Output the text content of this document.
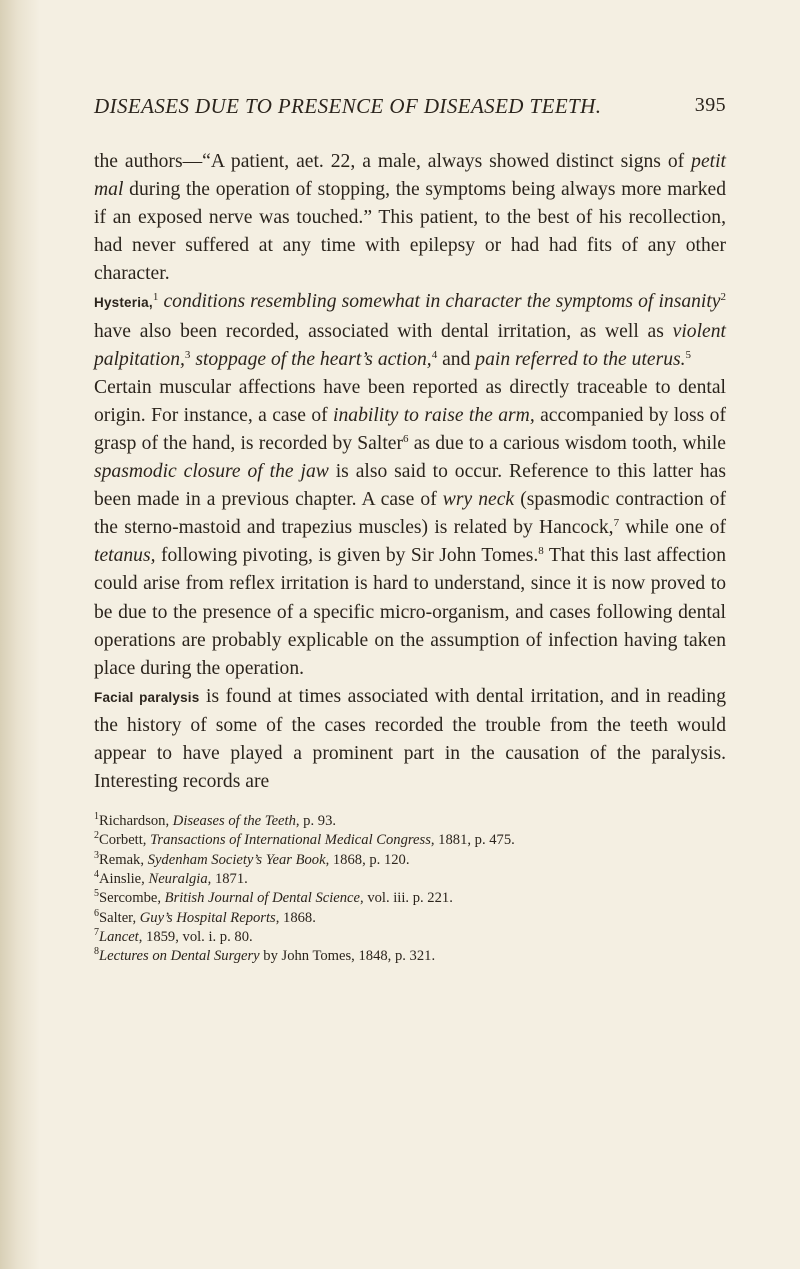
DISEASES DUE TO PRESENCE OF DISEASED TEETH.	395

the authors—“A patient, aet. 22, a male, always showed distinct signs of petit mal during the operation of stopping, the symptoms being always more marked if an exposed nerve was touched.” This patient, to the best of his recollection, had never suffered at any time with epilepsy or had had fits of any other character.

Hysteria,$^1$ conditions resembling somewhat in character the symptoms of insanity$^2$ have also been recorded, associated with dental irritation, as well as violent palpitation,$^3$ stoppage of the heart’s action,$^4$ and pain referred to the uterus.$^5$

Certain muscular affections have been reported as directly traceable to dental origin. For instance, a case of inability to raise the arm, accompanied by loss of grasp of the hand, is recorded by Salter$^6$ as due to a carious wisdom tooth, while spasmodic closure of the jaw is also said to occur. Reference to this latter has been made in a previous chapter. A case of wry neck (spasmodic contraction of the sterno-mastoid and trapezius muscles) is related by Hancock,$^7$ while one of tetanus, following pivoting, is given by Sir John Tomes.$^8$ That this last affection could arise from reflex irritation is hard to understand, since it is now proved to be due to the presence of a specific micro-organism, and cases following dental operations are probably explicable on the assumption of infection having taken place during the operation.

Facial paralysis is found at times associated with dental irritation, and in reading the history of some of the cases recorded the trouble from the teeth would appear to have played a prominent part in the causation of the paralysis. Interesting records are

$^1$Richardson, Diseases of the Teeth, p. 93.
$^2$Corbett, Transactions of International Medical Congress, 1881, p. 475.
$^3$Remak, Sydenham Society’s Year Book, 1868, p. 120.
$^4$Ainslie, Neuralgia, 1871.
$^5$Sercombe, British Journal of Dental Science, vol. iii. p. 221.
$^6$Salter, Guy’s Hospital Reports, 1868.
$^7$Lancet, 1859, vol. i. p. 80.
$^8$Lectures on Dental Surgery by John Tomes, 1848, p. 321.
